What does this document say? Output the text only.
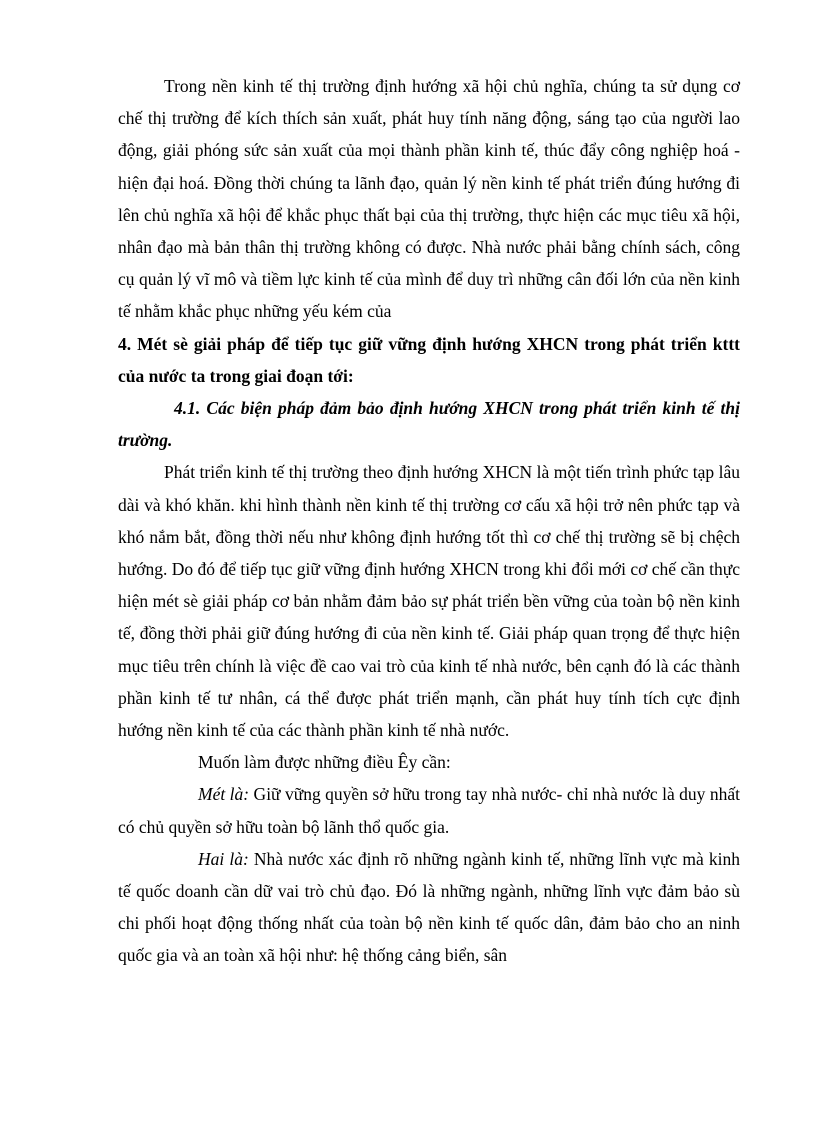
Trong nền kinh tế thị trường định hướng xã hội chủ nghĩa, chúng ta sử dụng cơ chế thị trường để kích thích sản xuất, phát huy tính năng động, sáng tạo của người lao động, giải phóng sức sản xuất của mọi thành phần kinh tế, thúc đẩy công nghiệp hoá - hiện đại hoá. Đồng thời chúng ta lãnh đạo, quản lý nền kinh tế phát triển đúng hướng đi lên chủ nghĩa xã hội để khắc phục thất bại của thị trường, thực hiện các mục tiêu xã hội, nhân đạo mà bản thân thị trường không có được. Nhà nước phải bằng chính sách, công cụ quản lý vĩ mô và tiềm lực kinh tế của mình để duy trì những cân đối lớn của nền kinh tế nhằm khắc phục những yếu kém của

4. Mét sè giải pháp để tiếp tục giữ vững định hướng XHCN trong phát triển kttt của nước ta trong giai đoạn tới:

4.1. Các biện pháp đảm bảo định hướng XHCN trong phát triển kinh tế thị trường.

Phát triển kinh tế thị trường theo định hướng XHCN là một tiến trình phức tạp lâu dài và khó khăn. khi hình thành nền kinh tế thị trường cơ cấu xã hội trở nên phức tạp và khó nắm bắt, đồng thời nếu như không định hướng tốt thì cơ chế thị trường sẽ bị chệch hướng. Do đó để tiếp tục giữ vững định hướng XHCN trong khi đổi mới cơ chế cần thực hiện mét sè giải pháp cơ bản nhằm đảm bảo sự phát triển bền vững của toàn bộ nền kinh tế, đồng thời phải giữ đúng hướng đi của nền kinh tế. Giải pháp quan trọng để thực hiện mục tiêu trên chính là việc đề cao vai trò của kinh tế nhà nước, bên cạnh đó là các thành phần kinh tế tư nhân, cá thể được phát triển mạnh, cần phát huy tính tích cực định hướng nền kinh tế của các thành phần kinh tế nhà nước.

Muốn làm được những điều Êy cần:

Mét là: Giữ vững quyền sở hữu trong tay nhà nước- chỉ nhà nước là duy nhất có chủ quyền sở hữu toàn bộ lãnh thổ quốc gia.

Hai là: Nhà nước xác định rõ những ngành kinh tế, những lĩnh vực mà kinh tế quốc doanh cần dữ vai trò chủ đạo. Đó là những ngành, những lĩnh vực đảm bảo sù chi phối hoạt động thống nhất của toàn bộ nền kinh tế quốc dân, đảm bảo cho an ninh quốc gia và an toàn xã hội như: hệ thống cảng biển, sân
